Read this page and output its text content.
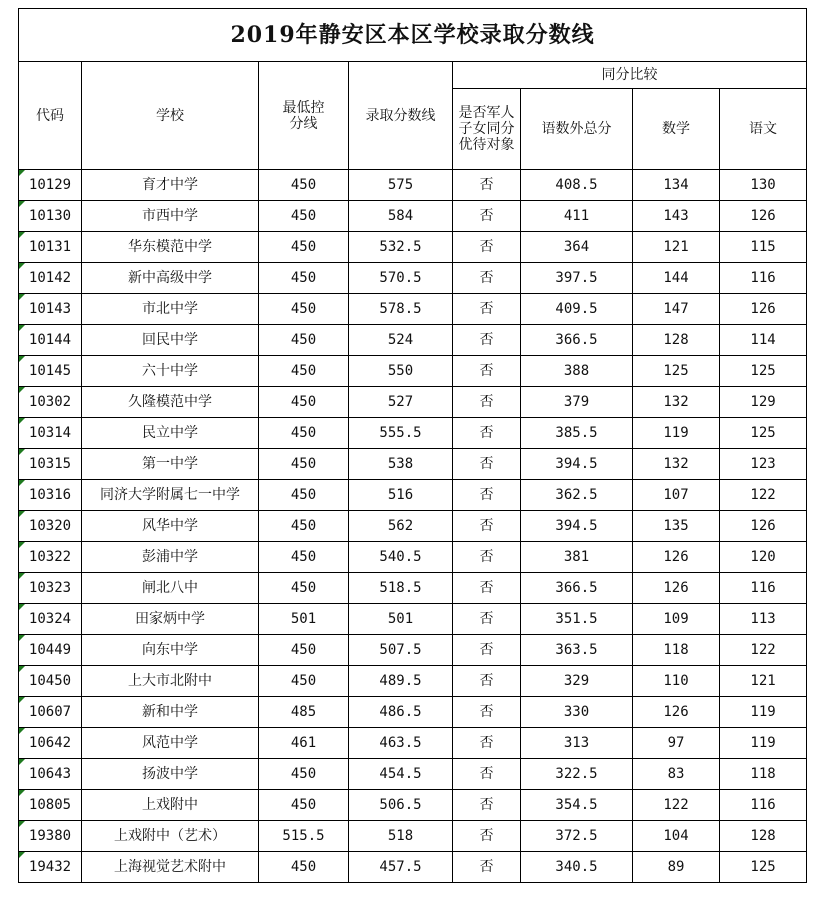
2019年静安区本区学校录取分数线							
代码	学校	最低控分线	录取分数线	同分比较			
				是否军人子女同分优待对象	语数外总分	数学	语文

10129	育才中学	450	575	否	408.5	134	130

10130	市西中学	450	584	否	411	143	126

10131	华东模范中学	450	532.5	否	364	121	115

10142	新中高级中学	450	570.5	否	397.5	144	116

10143	市北中学	450	578.5	否	409.5	147	126

10144	回民中学	450	524	否	366.5	128	114

10145	六十中学	450	550	否	388	125	125

10302	久隆模范中学	450	527	否	379	132	129

10314	民立中学	450	555.5	否	385.5	119	125

10315	第一中学	450	538	否	394.5	132	123

10316	同济大学附属七一中学	450	516	否	362.5	107	122

10320	风华中学	450	562	否	394.5	135	126

10322	彭浦中学	450	540.5	否	381	126	120

10323	闸北八中	450	518.5	否	366.5	126	116

10324	田家炳中学	501	501	否	351.5	109	113

10449	向东中学	450	507.5	否	363.5	118	122

10450	上大市北附中	450	489.5	否	329	110	121

10607	新和中学	485	486.5	否	330	126	119

10642	风范中学	461	463.5	否	313	97	119

10643	扬波中学	450	454.5	否	322.5	83	118

10805	上戏附中	450	506.5	否	354.5	122	116

19380	上戏附中（艺术）	515.5	518	否	372.5	104	128

19432	上海视觉艺术附中	450	457.5	否	340.5	89	125
